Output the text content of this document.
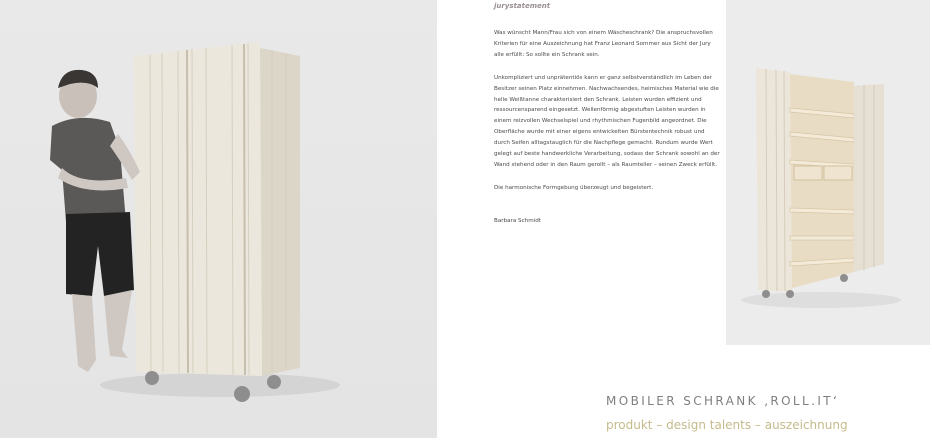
jurystatement

Was wünscht Mann/Frau sich von einem Wäscheschrank? Die anspruchsvollen Kriterien für eine Auszeichnung hat Franz Leonard Sommer aus Sicht der Jury alle erfüllt: So sollte ein Schrank sein.

Unkompliziert und unprätentiös kann er ganz selbstverständlich im Leben der Besitzer seinen Platz einnehmen. Nachwachsendes, heimisches Material wie die helle Weißtanne charakterisiert den Schrank. Leisten wurden effizient und ressourcensparend eingesetzt. Wellenförmig abgestuften Leisten wurden in einem reizvollen Wechselspiel und rhythmischen Fugenbild angeordnet. Die Oberfläche wurde mit einer eigens entwickelten Bürstentechnik robust und durch Seifen alltagstauglich für die Nachpflege gemacht. Rundum wurde Wert gelegt auf beste handwerkliche Verarbeitung, sodass der Schrank sowohl an der Wand stehend oder in den Raum gerollt – als Raumteiler – seinen Zweck erfüllt.

Die harmonische Formgebung überzeugt und begeistert.

Barbara Schmidt

MOBILER SCHRANK ‚ROLL.IT‘
produkt – design talents – auszeichnung
